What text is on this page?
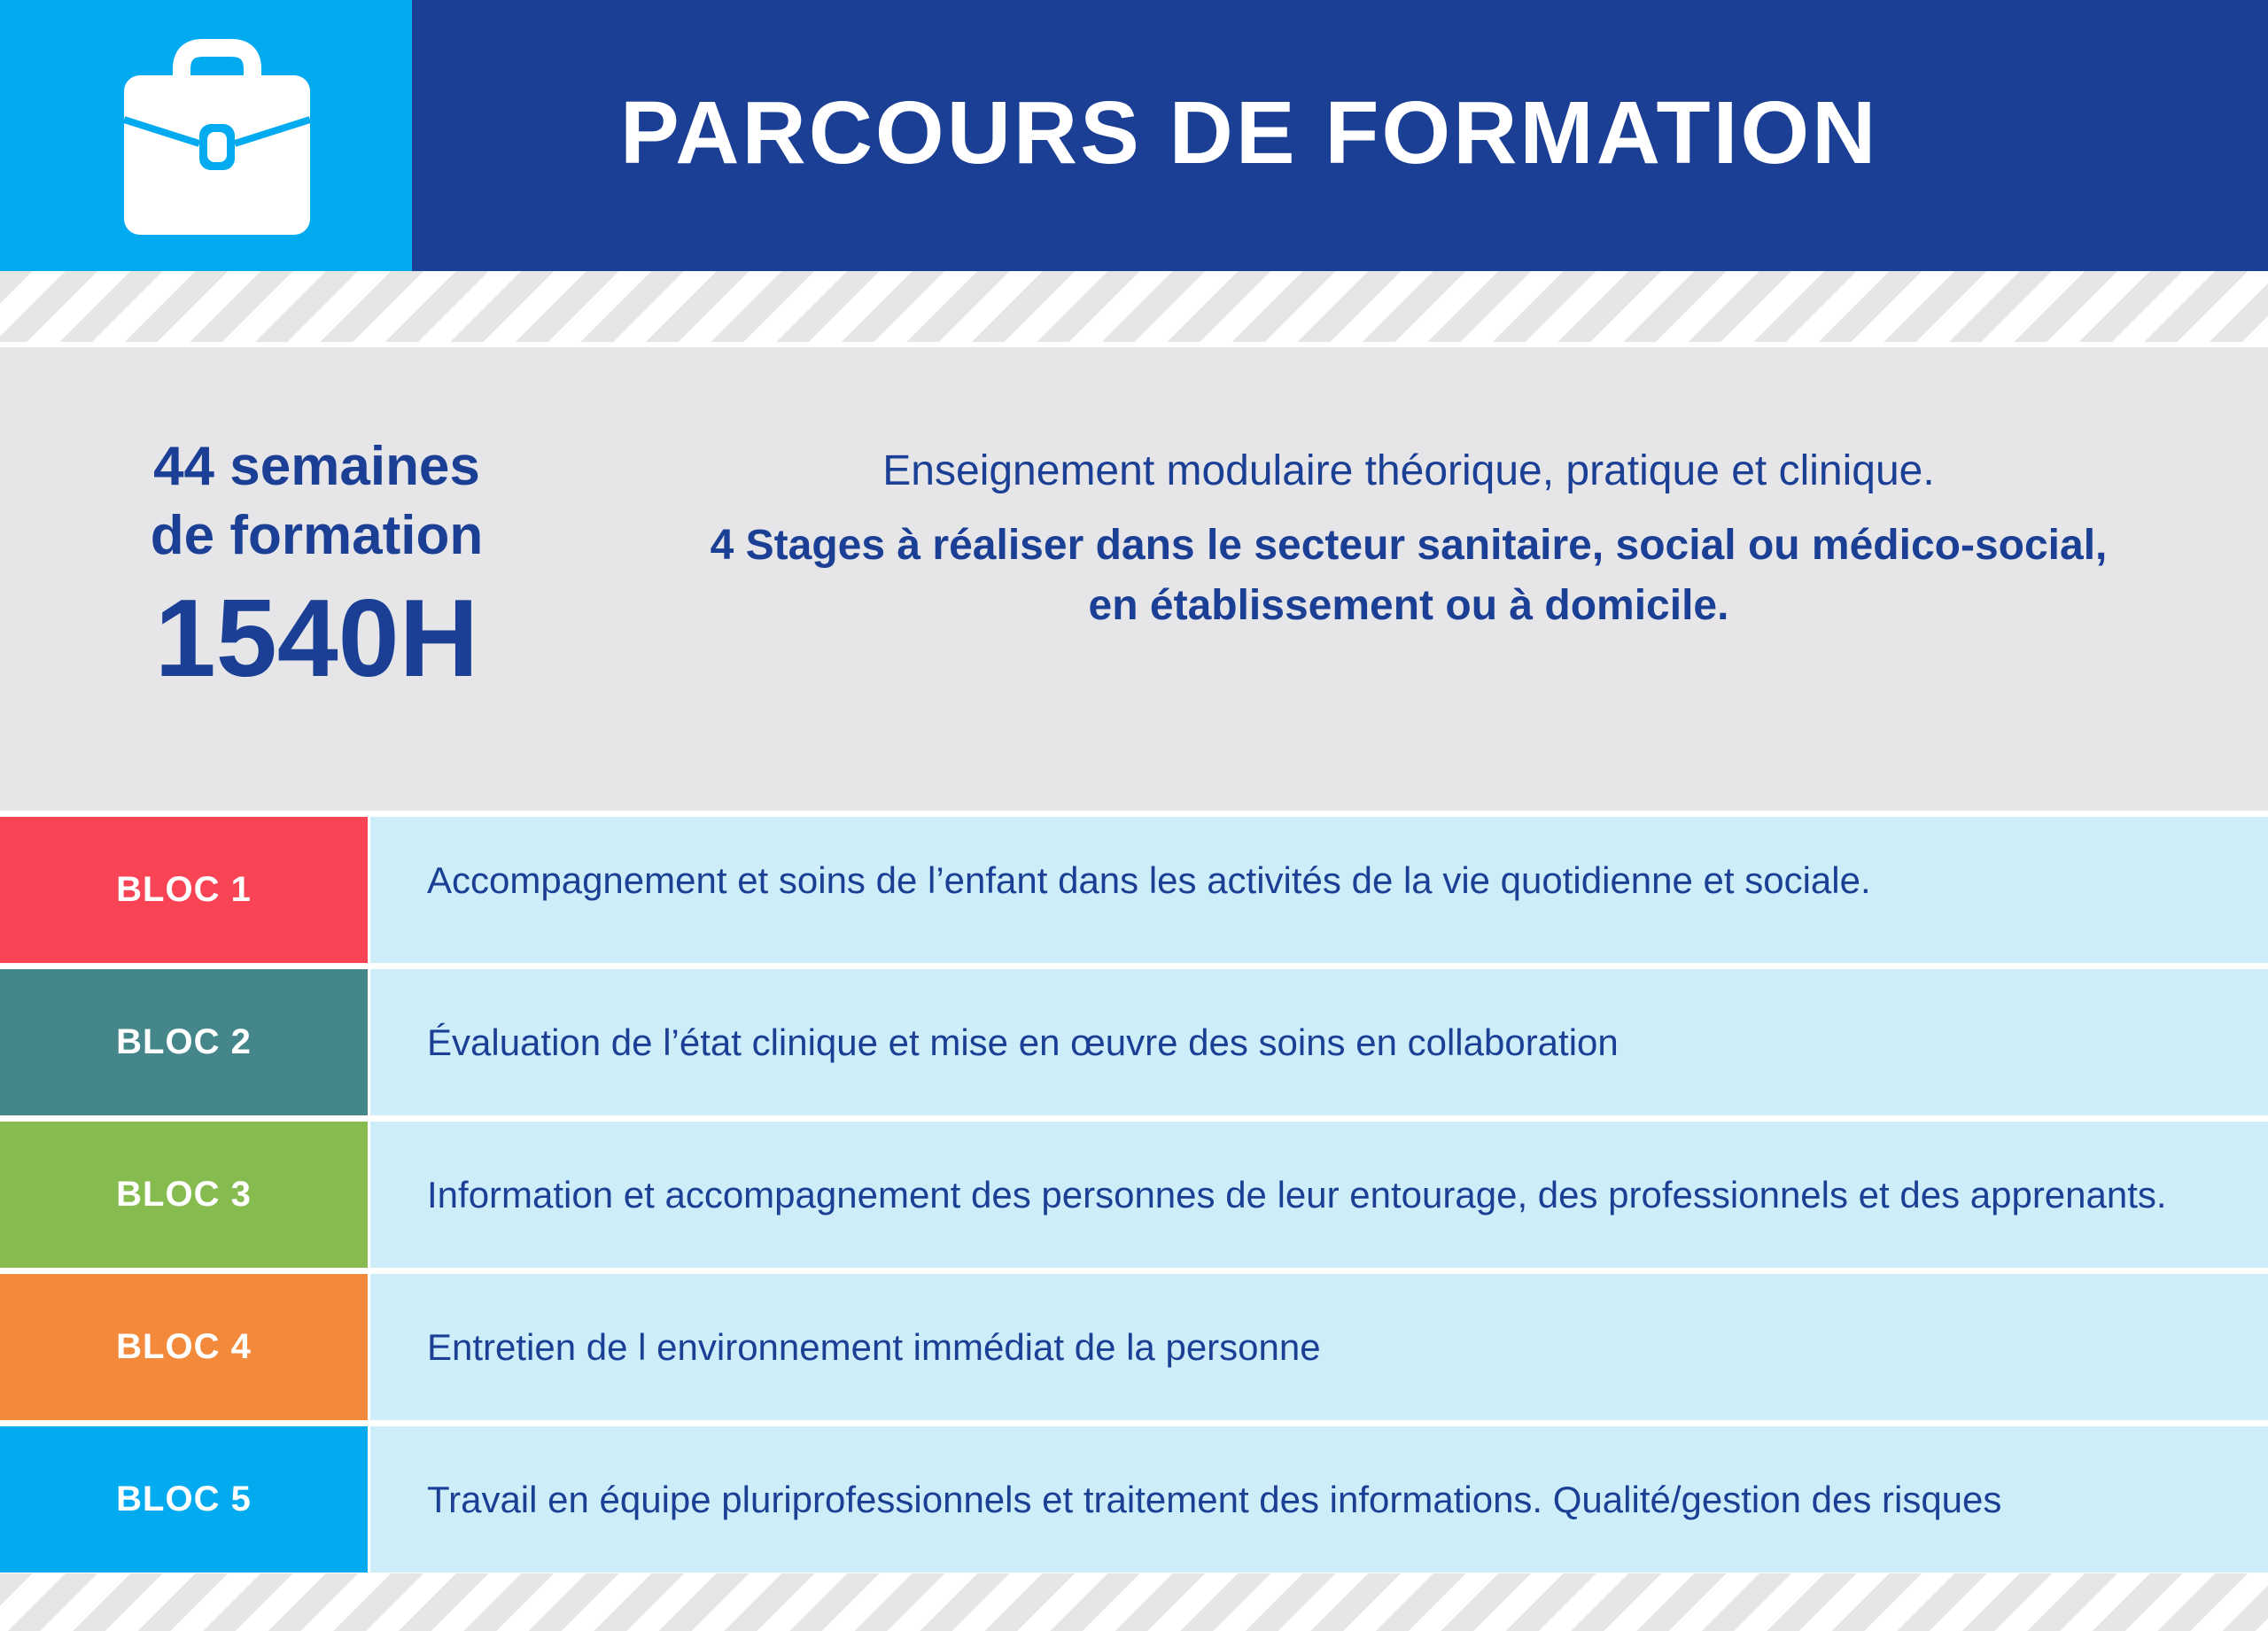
PARCOURS DE FORMATION
44 semaines
de formation
1540H
Enseignement modulaire théorique, pratique et clinique.
4 Stages à réaliser dans le secteur sanitaire, social ou médico-social,
en établissement ou à domicile.
BLOC 1	Accompagnement et soins de l’enfant dans les activités de la vie quotidienne et sociale.
BLOC 2	Évaluation de l’état clinique et mise en œuvre des soins en collaboration
BLOC 3	Information et accompagnement des personnes de leur entourage, des professionnels et des apprenants.
BLOC 4	Entretien de l environnement immédiat de la personne
BLOC 5	Travail en équipe pluriprofessionnels et traitement des informations. Qualité/gestion des risques
